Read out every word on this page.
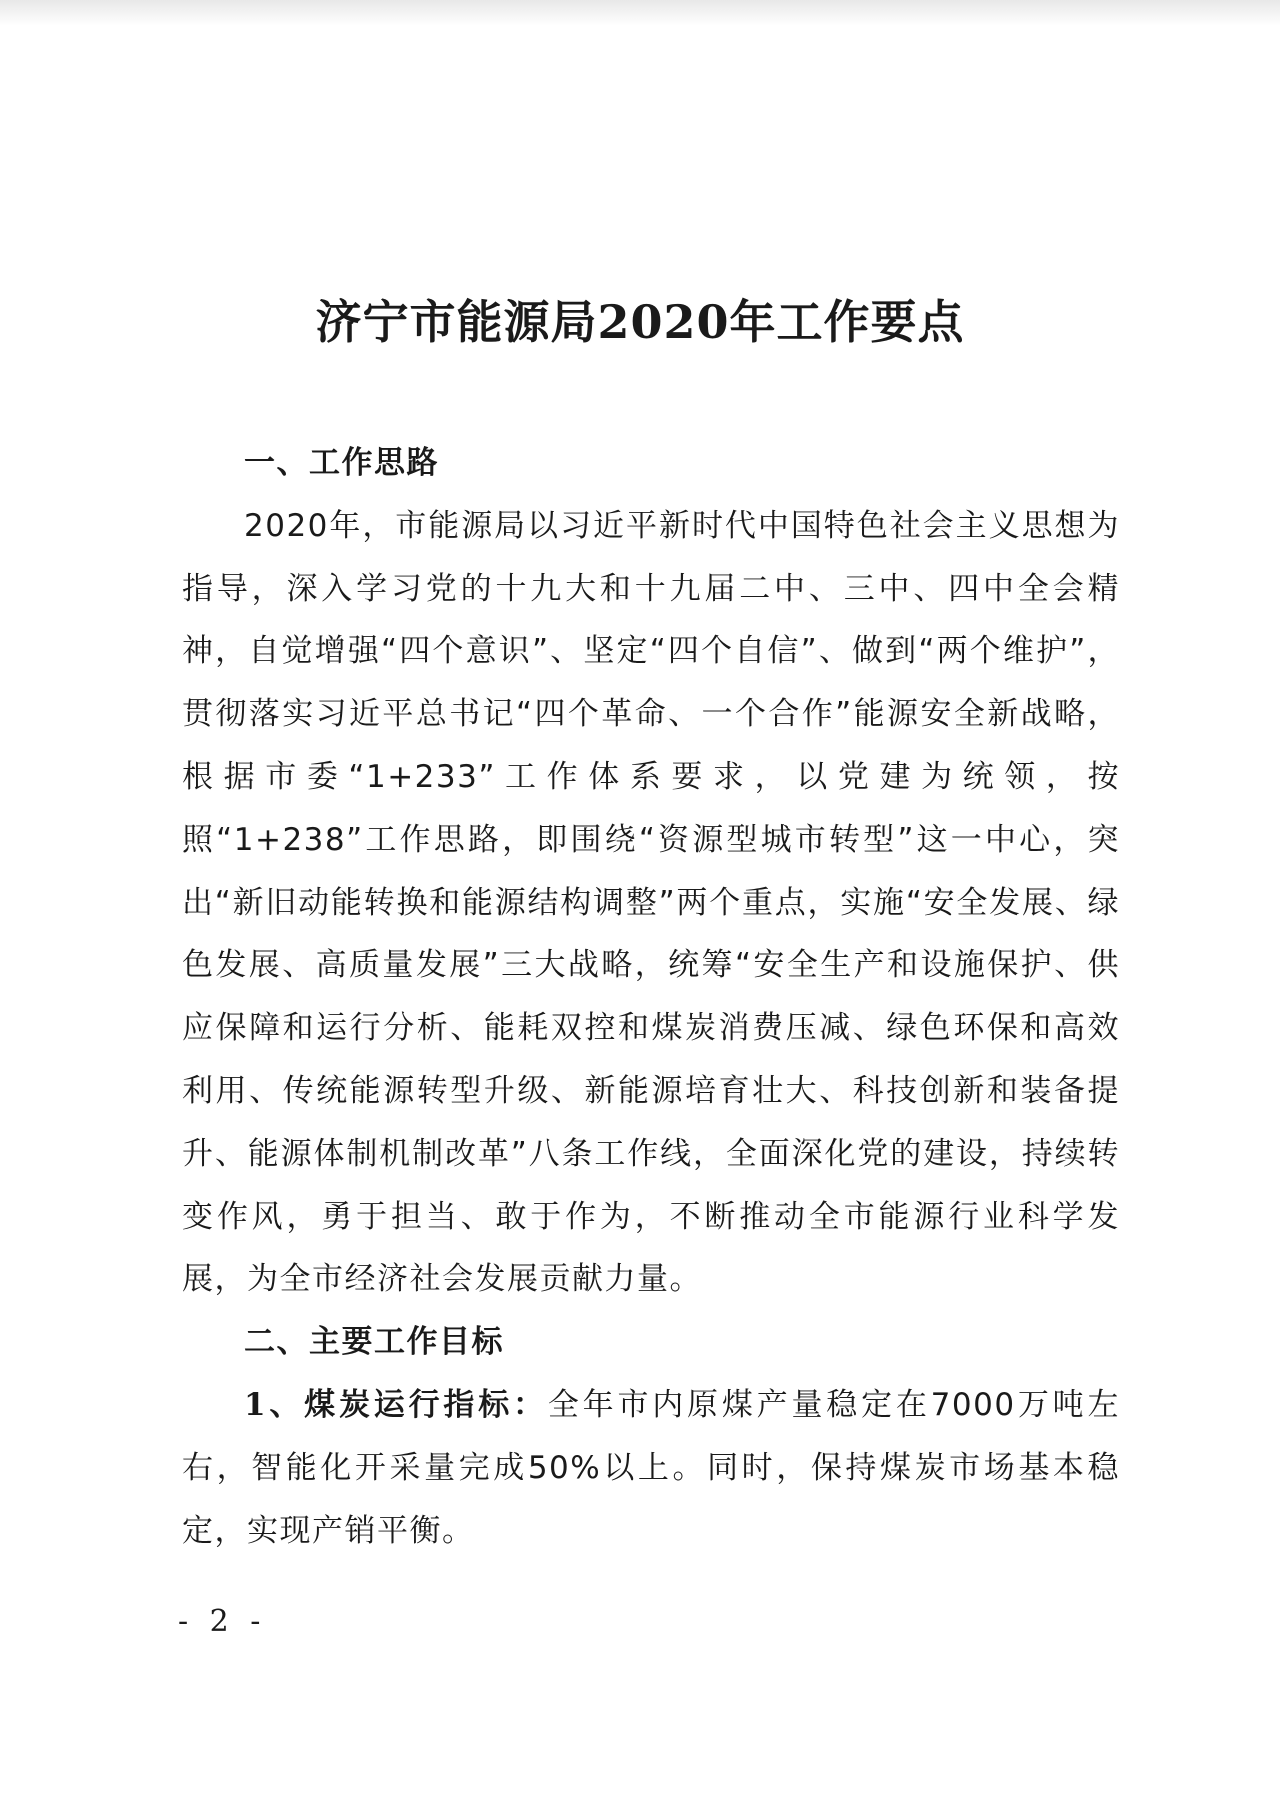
济宁市能源局2020年工作要点

一、工作思路

2020年，市能源局以习近平新时代中国特色社会主义思想为指导，深入学习党的十九大和十九届二中、三中、四中全会精神，自觉增强“四个意识”、坚定“四个自信”、做到“两个维护”，贯彻落实习近平总书记“四个革命、一个合作”能源安全新战略，根据市委“1+233”工作体系要求，以党建为统领，按照“1+238”工作思路，即围绕“资源型城市转型”这一中心，突出“新旧动能转换和能源结构调整”两个重点，实施“安全发展、绿色发展、高质量发展”三大战略，统筹“安全生产和设施保护、供应保障和运行分析、能耗双控和煤炭消费压减、绿色环保和高效利用、传统能源转型升级、新能源培育壮大、科技创新和装备提升、能源体制机制改革”八条工作线，全面深化党的建设，持续转变作风，勇于担当、敢于作为，不断推动全市能源行业科学发展，为全市经济社会发展贡献力量。

二、主要工作目标

1、煤炭运行指标：全年市内原煤产量稳定在7000万吨左右，智能化开采量完成50%以上。同时，保持煤炭市场基本稳定，实现产销平衡。

- 2 -
